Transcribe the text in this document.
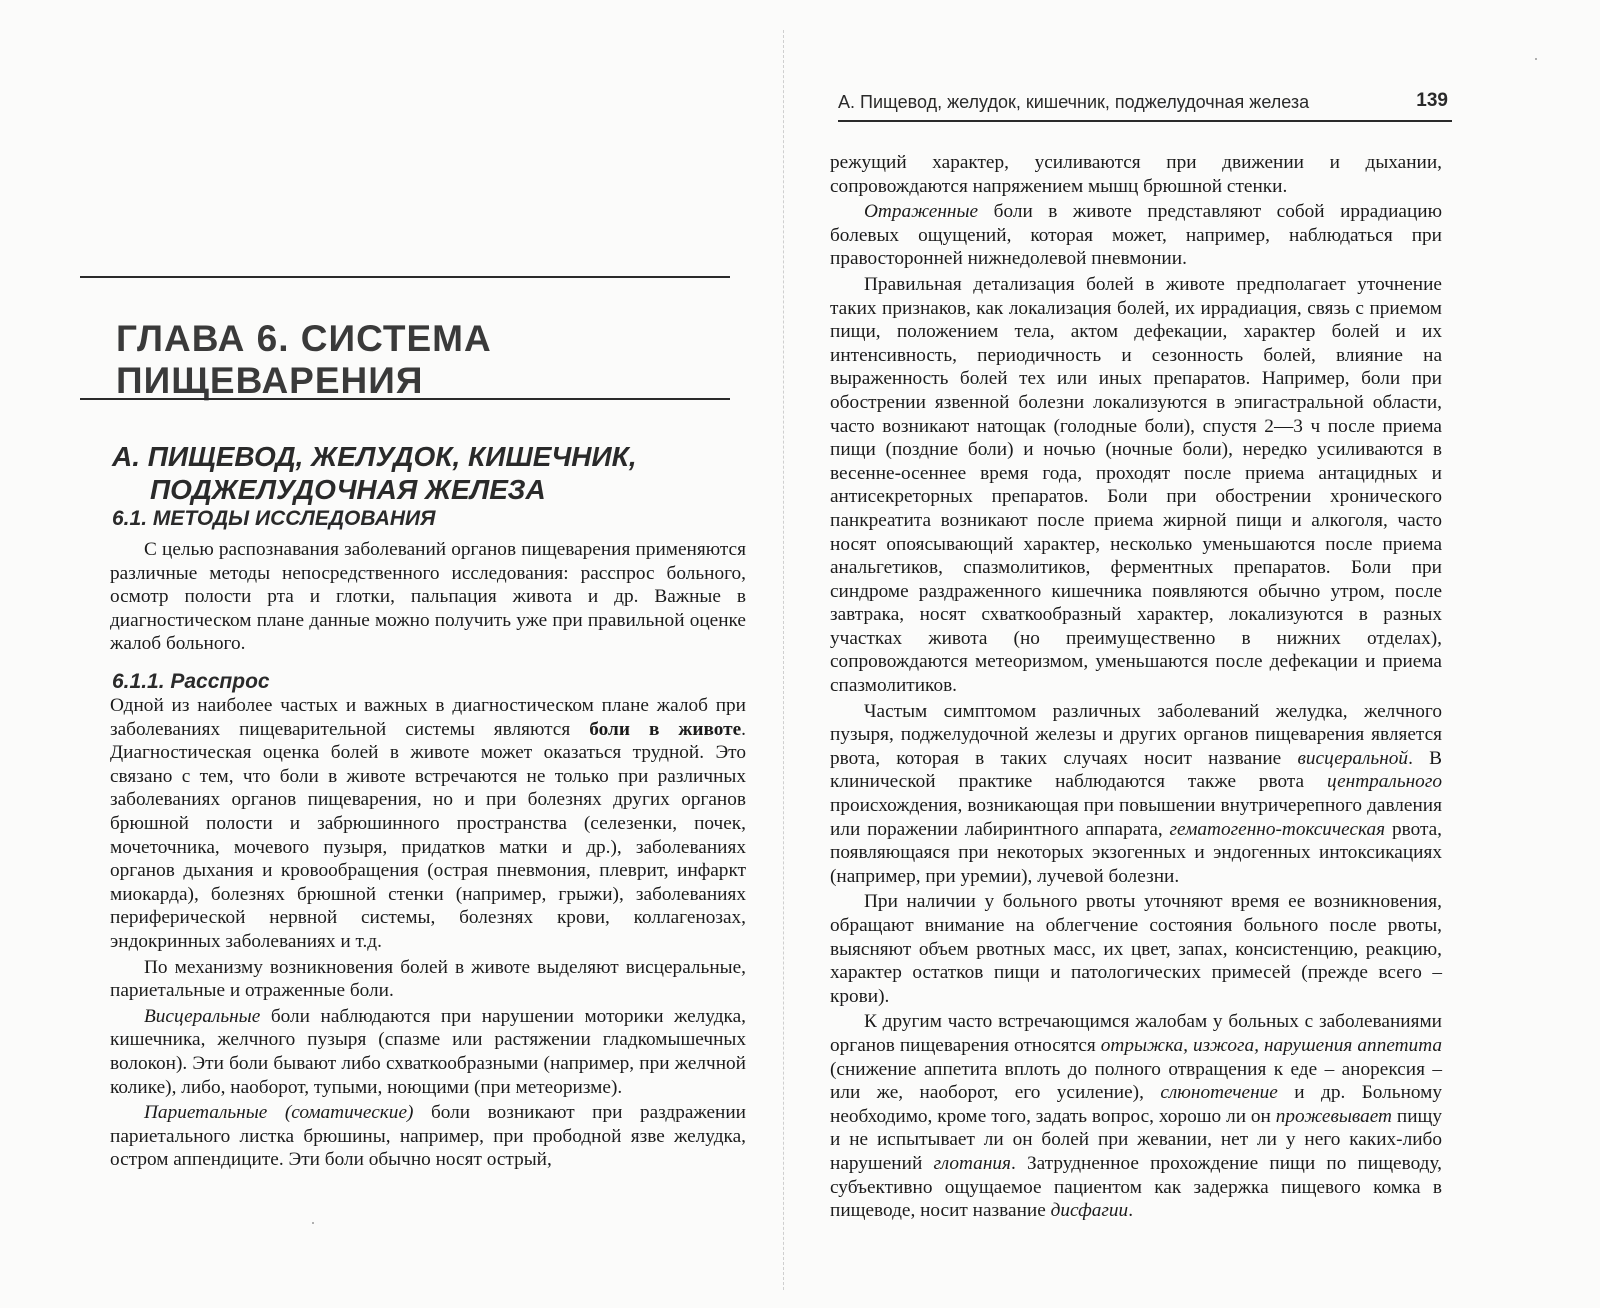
ГЛАВА 6. СИСТЕМА ПИЩЕВАРЕНИЯ
А. ПИЩЕВОД, ЖЕЛУДОК, КИШЕЧНИК,
ПОДЖЕЛУДОЧНАЯ ЖЕЛЕЗА
6.1. МЕТОДЫ ИССЛЕДОВАНИЯ

С целью распознавания заболеваний органов пищеварения применяются различные методы непосредственного исследования: расспрос больного, осмотр полости рта и глотки, пальпация живота и др. Важные в диагностическом плане данные можно получить уже при правильной оценке жалоб больного.

6.1.1. Расспрос

Одной из наиболее частых и важных в диагностическом плане жалоб при заболеваниях пищеварительной системы являются боли в животе. Диагностическая оценка болей в животе может оказаться трудной. Это связано с тем, что боли в животе встречаются не только при различных заболеваниях органов пищеварения, но и при болезнях других органов брюшной полости и забрюшинного пространства (селезенки, почек, мочеточника, мочевого пузыря, придатков матки и др.), заболеваниях органов дыхания и кровообращения (острая пневмония, плеврит, инфаркт миокарда), болезнях брюшной стенки (например, грыжи), заболеваниях периферической нервной системы, болезнях крови, коллагенозах, эндокринных заболеваниях и т.д.

По механизму возникновения болей в животе выделяют висцеральные, париетальные и отраженные боли.

Висцеральные боли наблюдаются при нарушении моторики желудка, кишечника, желчного пузыря (спазме или растяжении гладкомышечных волокон). Эти боли бывают либо схваткообразными (например, при желчной колике), либо, наоборот, тупыми, ноющими (при метеоризме).

Париетальные (соматические) боли возникают при раздражении париетального листка брюшины, например, при прободной язве желудка, остром аппендиците. Эти боли обычно носят острый,

А. Пищевод, желудок, кишечник, поджелудочная железа	139

режущий характер, усиливаются при движении и дыхании, сопровождаются напряжением мышц брюшной стенки.

Отраженные боли в животе представляют собой иррадиацию болевых ощущений, которая может, например, наблюдаться при правосторонней нижнедолевой пневмонии.

Правильная детализация болей в животе предполагает уточнение таких признаков, как локализация болей, их иррадиация, связь с приемом пищи, положением тела, актом дефекации, характер болей и их интенсивность, периодичность и сезонность болей, влияние на выраженность болей тех или иных препаратов. Например, боли при обострении язвенной болезни локализуются в эпигастральной области, часто возникают натощак (голодные боли), спустя 2—3 ч после приема пищи (поздние боли) и ночью (ночные боли), нередко усиливаются в весенне-осеннее время года, проходят после приема антацидных и антисекреторных препаратов. Боли при обострении хронического панкреатита возникают после приема жирной пищи и алкоголя, часто носят опоясывающий характер, несколько уменьшаются после приема анальгетиков, спазмолитиков, ферментных препаратов. Боли при синдроме раздраженного кишечника появляются обычно утром, после завтрака, носят схваткообразный характер, локализуются в разных участках живота (но преимущественно в нижних отделах), сопровождаются метеоризмом, уменьшаются после дефекации и приема спазмолитиков.

Частым симптомом различных заболеваний желудка, желчного пузыря, поджелудочной железы и других органов пищеварения является рвота, которая в таких случаях носит название висцеральной. В клинической практике наблюдаются также рвота центрального происхождения, возникающая при повышении внутричерепного давления или поражении лабиринтного аппарата, гематогенно-токсическая рвота, появляющаяся при некоторых экзогенных и эндогенных интоксикациях (например, при уремии), лучевой болезни.

При наличии у больного рвоты уточняют время ее возникновения, обращают внимание на облегчение состояния больного после рвоты, выясняют объем рвотных масс, их цвет, запах, консистенцию, реакцию, характер остатков пищи и патологических примесей (прежде всего – крови).

К другим часто встречающимся жалобам у больных с заболеваниями органов пищеварения относятся отрыжка, изжога, нарушения аппетита (снижение аппетита вплоть до полного отвращения к еде – анорексия – или же, наоборот, его усиление), слюнотечение и др. Больному необходимо, кроме того, задать вопрос, хорошо ли он прожевывает пищу и не испытывает ли он болей при жевании, нет ли у него каких-либо нарушений глотания. Затрудненное прохождение пищи по пищеводу, субъективно ощущаемое пациентом как задержка пищевого комка в пищеводе, носит название дисфагии.
